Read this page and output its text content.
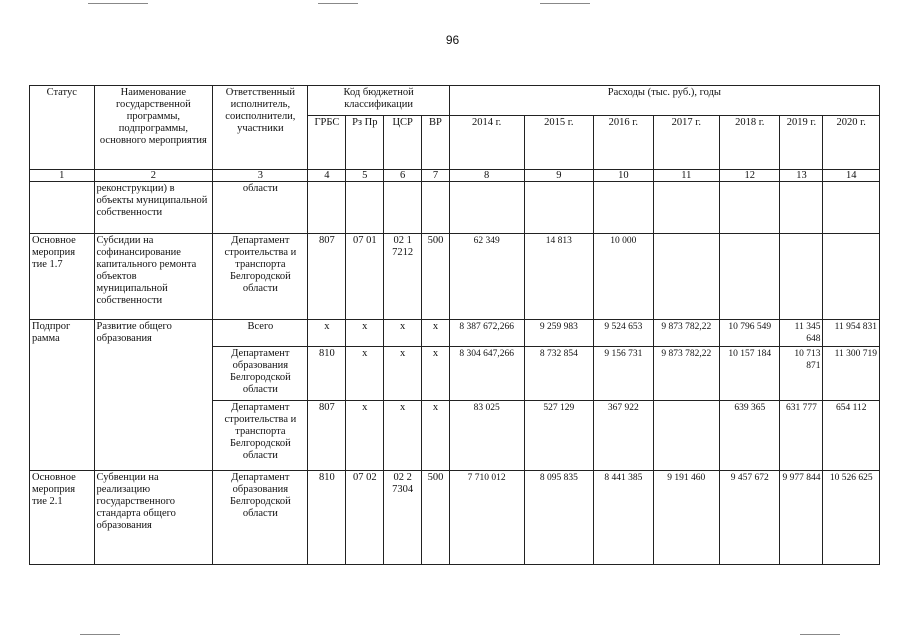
96
Статус	Наименование государственной программы, подпрограммы, основного мероприятия	Ответственный исполнитель, соисполнители, участники	Код бюджетной классификации				Расходы (тыс. руб.), годы						
			ГРБС	Рз Пр	ЦСР	ВР	2014 г.	2015 г.	2016 г.	2017 г.	2018 г.	2019 г.	2020 г.
1	2	3	4	5	6	7	8	9	10	11	12	13	14
	реконструкции) в объекты муниципальной собственности	области											
Основное мероприя тие 1.7	Субсидии на софинансирование капитального ремонта объектов муниципальной собственности	Департамент строительства и транспорта Белгородской области	807	07 01	02 1 7212	500	62 349	14 813	10 000				
Подпрог рамма	Развитие общего образования	Всего	х	х	х	х	8 387 672,266	9 259 983	9 524 653	9 873 782,22	10 796 549	11 345 648	11 954 831
		Департамент образования Белгородской области	810	х	х	х	8 304 647,266	8 732 854	9 156 731	9 873 782,22	10 157 184	10 713 871	11 300 719
		Департамент строительства и транспорта Белгородской области	807	х	х	х	83 025	527 129	367 922		639 365	631 777	654 112
Основное мероприя тие 2.1	Субвенции на реализацию государственного стандарта общего образования	Департамент образования Белгородской области	810	07 02	02 2 7304	500	7 710 012	8 095 835	8 441 385	9 191 460	9 457 672	9 977 844	10 526 625
